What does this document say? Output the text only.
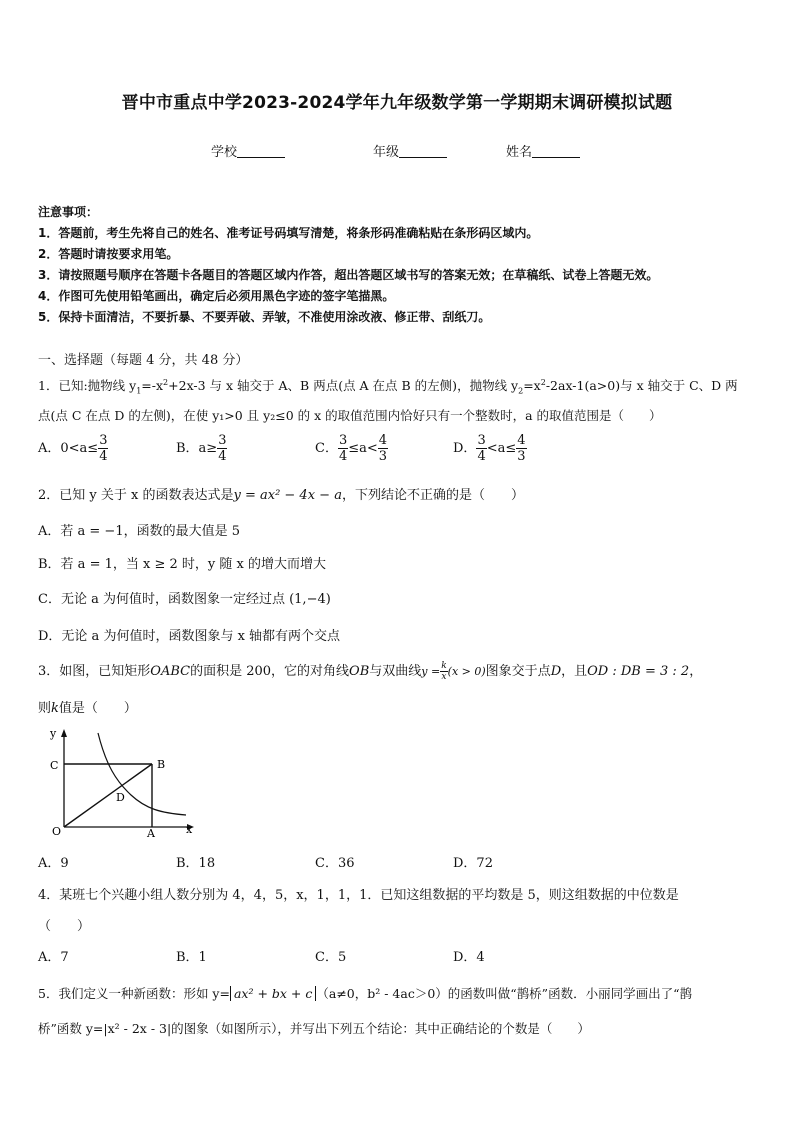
晋中市重点中学2023-2024学年九年级数学第一学期期末调研模拟试题
学校	年级	姓名
注意事项：
1．答题前，考生先将自己的姓名、准考证号码填写清楚，将条形码准确粘贴在条形码区域内。
2．答题时请按要求用笔。
3．请按照题号顺序在答题卡各题目的答题区域内作答，超出答题区域书写的答案无效；在草稿纸、试卷上答题无效。
4．作图可先使用铅笔画出，确定后必须用黑色字迹的签字笔描黑。
5．保持卡面清洁，不要折暴、不要弄破、弄皱，不准使用涂改液、修正带、刮纸刀。
一、选择题（每题 4 分，共 48 分）
1．已知:抛物线 $y_1=-x^2+2x-3$ 与 x 轴交于 A、B 两点(点 A 在点 B 的左侧)，抛物线 $y_2=x^2-2ax-1(a>0)$与 x 轴交于 C、D 两
点(点 C 在点 D 的左侧)，在使 y₁>0 且 y₂≤0 的 x 的取值范围内恰好只有一个整数时，a 的取值范围是（　　）
A．$0<a\le \frac{3}{4}$	B．$a\ge \frac{3}{4}$	C． $\frac{3}{4} \le a< \frac{4}{3}$	D． $\frac{3}{4} <a\le \frac{4}{3}$
2．已知 y 关于 x 的函数表达式是y = ax² − 4x − a，下列结论不正确的是（　　）
A．若 a = −1，函数的最大值是 5
B．若 a = 1，当 x ≥ 2 时，y 随 x 的增大而增大
C．无论 a 为何值时，函数图象一定经过点 (1,−4)
D．无论 a 为何值时，函数图象与 x 轴都有两个交点
3．如图，已知矩形OABC的面积是 200，它的对角线OB与双曲线$y = \frac{k}{x} (x > 0)$图象交于点D，且OD : DB = 3 : 2，
则k值是（　　）
y
x
C	B
D
O	A
A．9	B．18	C．36	D．72
4．某班七个兴趣小组人数分别为 4，4，5，x，1，1，1．已知这组数据的平均数是 5，则这组数据的中位数是
（　　）
A．7	B．1	C．5	D．4
5．我们定义一种新函数：形如 y= ax² + bx + c （a≠0，b² - 4ac＞0）的函数叫做“鹊桥”函数．小丽同学画出了“鹊
桥”函数 y=|x² - 2x - 3|的图象（如图所示），并写出下列五个结论：其中正确结论的个数是（　　）
